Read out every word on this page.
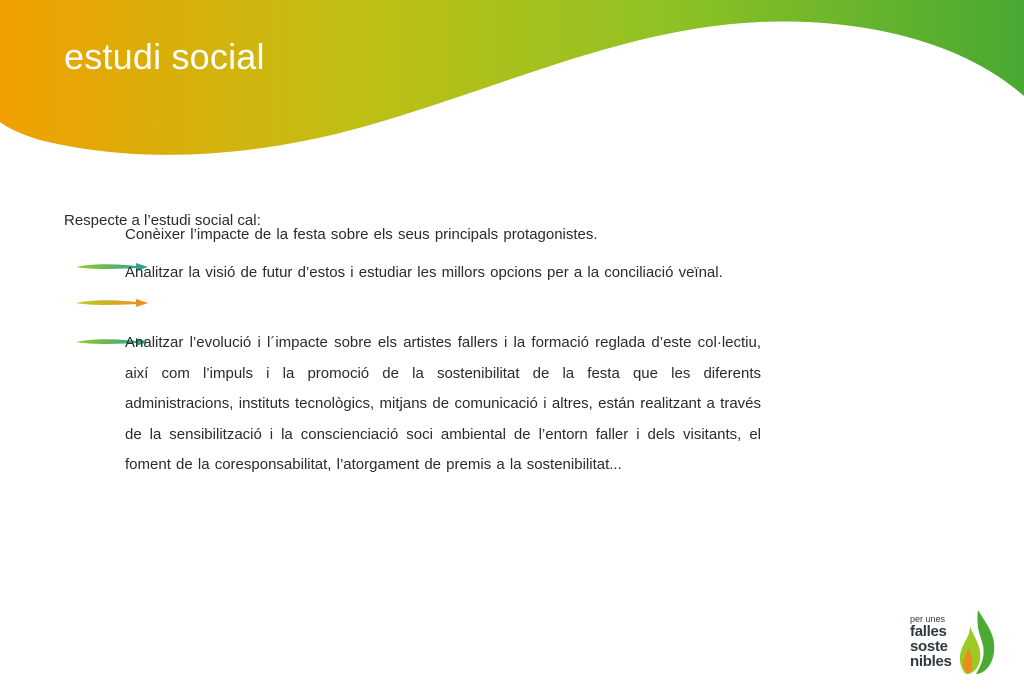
estudi social
Respecte a l’estudi social cal:
Conèixer l’impacte de la festa sobre els seus principals protagonistes.
Analitzar la visió de futur d’estos i estudiar les millors opcions per a la conciliació veïnal.
Analitzar l’evolució i l´impacte sobre els artistes fallers i la formació reglada d’este col·lectiu, així com l’impuls i la promoció de la sostenibilitat de la festa que les diferents administracions, instituts tecnològics, mitjans de comunicació i altres, están realitzant a través de la sensibilització i la conscienciació soci ambiental de l’entorn faller i dels visitants, el foment de la coresponsabilitat, l’atorgament de premis a la sostenibilitat...
per unes
falles
soste
nibles
